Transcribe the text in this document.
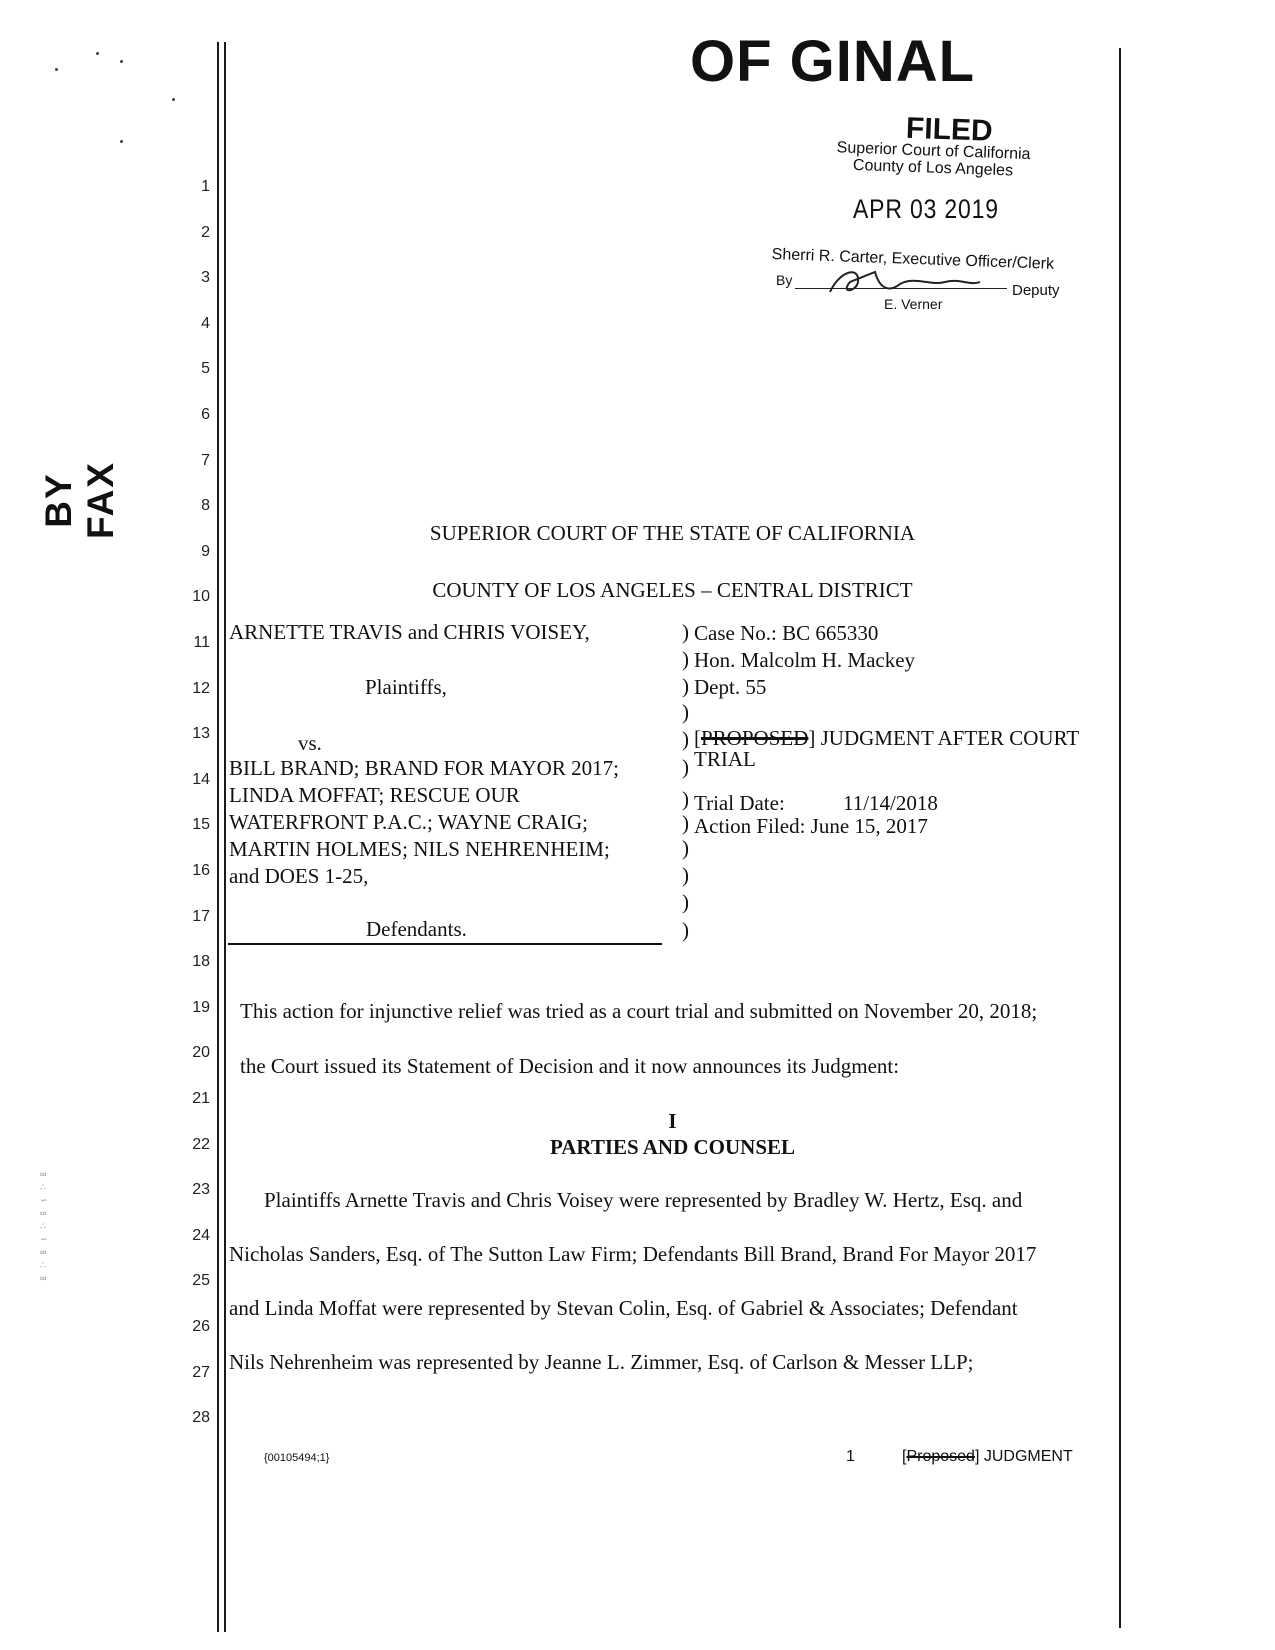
BY FAX
∞
∴
∽
∞
∴
∽
∞
∴
∞
OF GINAL
FILED
Superior Court of California
County of Los Angeles
APR 03 2019
Sherri R. Carter, Executive Officer/Clerk
By
Deputy
E. Verner
1
2
3
4
5
6
7
8
9
10
11
12
13
14
15
16
17
18
19
20
21
22
23
24
25
26
27
28
SUPERIOR COURT OF THE STATE OF CALIFORNIA
COUNTY OF LOS ANGELES – CENTRAL DISTRICT
ARNETTE TRAVIS and CHRIS VOISEY,
Plaintiffs,
vs.
BILL BRAND; BRAND FOR MAYOR 2017;
LINDA MOFFAT; RESCUE OUR
WATERFRONT P.A.C.; WAYNE CRAIG;
MARTIN HOLMES; NILS NEHRENHEIM;
and DOES 1-25,
Defendants.
)
)
)
)
)
)
)
)
)
)
)
)
Case No.: BC 665330
Hon. Malcolm H. Mackey
Dept. 55
[PROPOSED] JUDGMENT AFTER COURT
TRIAL
Trial Date:	11/14/2018
Action Filed: June 15, 2017
This action for injunctive relief was tried as a court trial and submitted on November 20, 2018;
the Court issued its Statement of Decision and it now announces its Judgment:
I
PARTIES AND COUNSEL
Plaintiffs Arnette Travis and Chris Voisey were represented by Bradley W. Hertz, Esq. and
Nicholas Sanders, Esq. of The Sutton Law Firm; Defendants Bill Brand, Brand For Mayor 2017
and Linda Moffat were represented by Stevan Colin, Esq. of Gabriel & Associates; Defendant
Nils Nehrenheim was represented by Jeanne L. Zimmer, Esq. of Carlson & Messer LLP;
{00105494;1}	1	[Proposed] JUDGMENT
